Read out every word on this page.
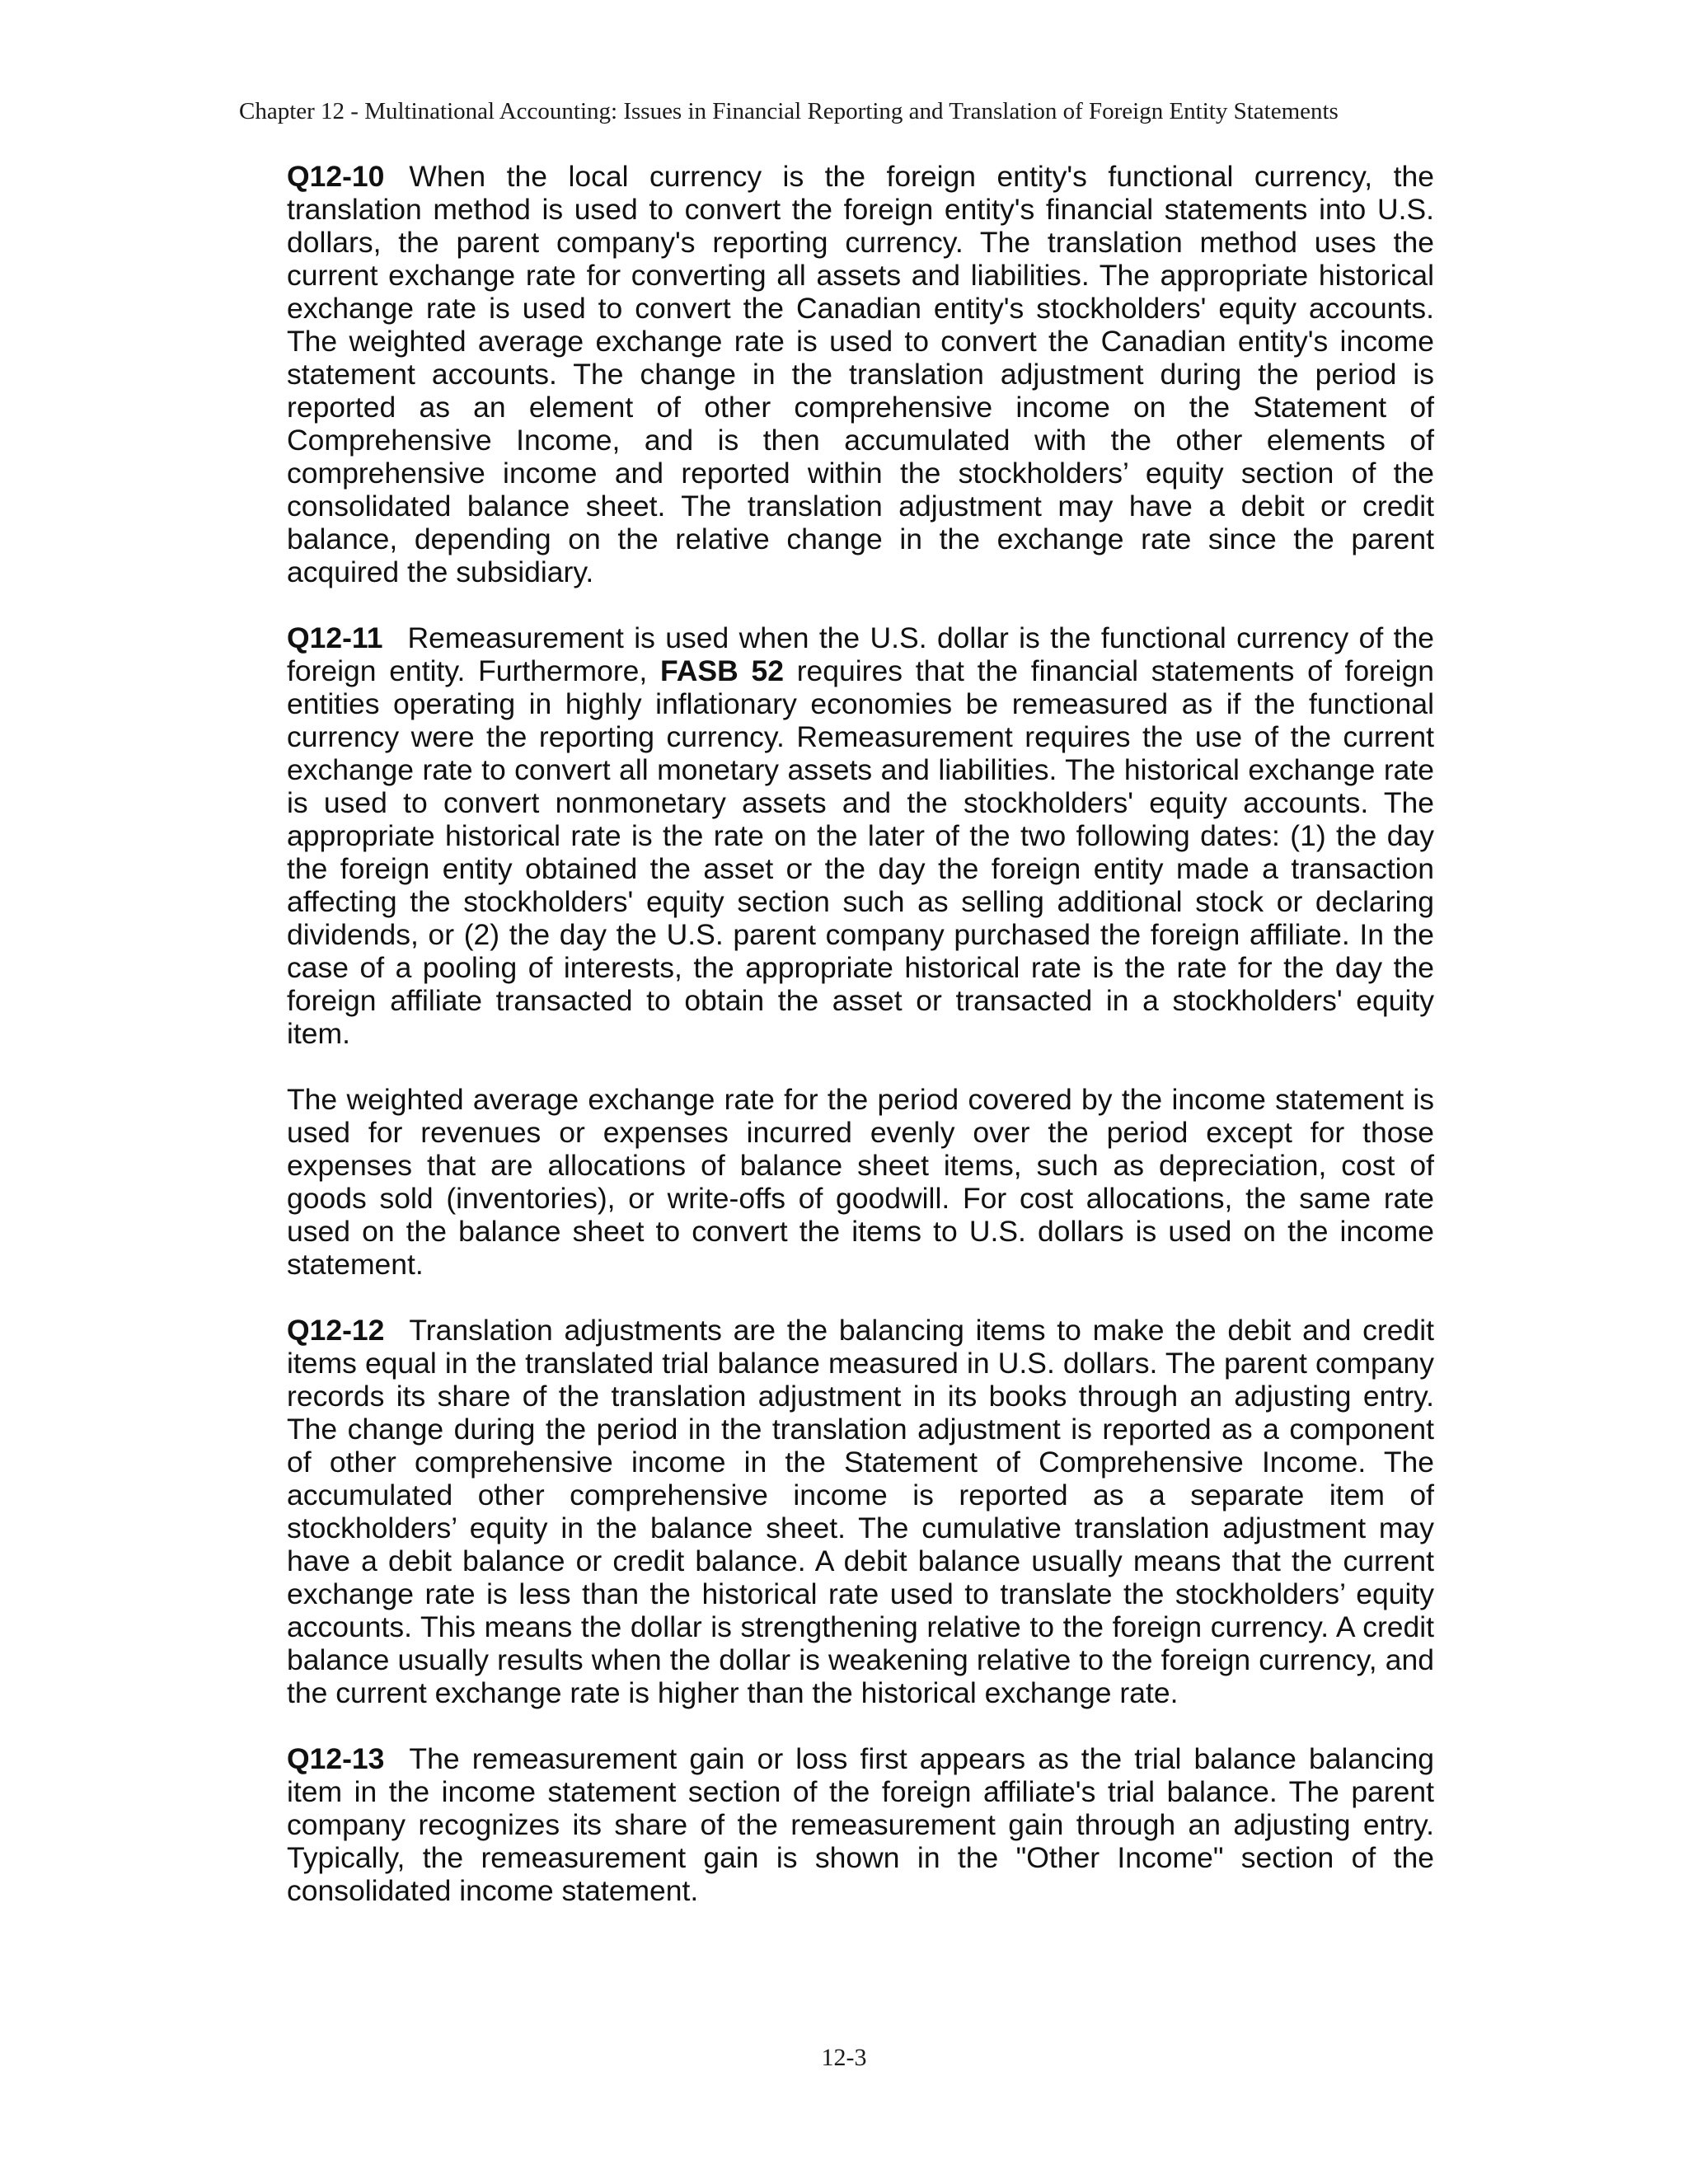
Chapter 12 - Multinational Accounting: Issues in Financial Reporting and Translation of Foreign Entity Statements

Q12-10 When the local currency is the foreign entity's functional currency, the translation method is used to convert the foreign entity's financial statements into U.S. dollars, the parent company's reporting currency. The translation method uses the current exchange rate for converting all assets and liabilities. The appropriate historical exchange rate is used to convert the Canadian entity's stockholders' equity accounts. The weighted average exchange rate is used to convert the Canadian entity's income statement accounts. The change in the translation adjustment during the period is reported as an element of other comprehensive income on the Statement of Comprehensive Income, and is then accumulated with the other elements of comprehensive income and reported within the stockholders’ equity section of the consolidated balance sheet. The translation adjustment may have a debit or credit balance, depending on the relative change in the exchange rate since the parent acquired the subsidiary.

Q12-11 Remeasurement is used when the U.S. dollar is the functional currency of the foreign entity. Furthermore, FASB 52 requires that the financial statements of foreign entities operating in highly inflationary economies be remeasured as if the functional currency were the reporting currency. Remeasurement requires the use of the current exchange rate to convert all monetary assets and liabilities. The historical exchange rate is used to convert nonmonetary assets and the stockholders' equity accounts. The appropriate historical rate is the rate on the later of the two following dates: (1) the day the foreign entity obtained the asset or the day the foreign entity made a transaction affecting the stockholders' equity section such as selling additional stock or declaring dividends, or (2) the day the U.S. parent company purchased the foreign affiliate. In the case of a pooling of interests, the appropriate historical rate is the rate for the day the foreign affiliate transacted to obtain the asset or transacted in a stockholders' equity item.

The weighted average exchange rate for the period covered by the income statement is used for revenues or expenses incurred evenly over the period except for those expenses that are allocations of balance sheet items, such as depreciation, cost of goods sold (inventories), or write-offs of goodwill. For cost allocations, the same rate used on the balance sheet to convert the items to U.S. dollars is used on the income statement.

Q12-12 Translation adjustments are the balancing items to make the debit and credit items equal in the translated trial balance measured in U.S. dollars. The parent company records its share of the translation adjustment in its books through an adjusting entry. The change during the period in the translation adjustment is reported as a component of other comprehensive income in the Statement of Comprehensive Income. The accumulated other comprehensive income is reported as a separate item of stockholders’ equity in the balance sheet. The cumulative translation adjustment may have a debit balance or credit balance. A debit balance usually means that the current exchange rate is less than the historical rate used to translate the stockholders’ equity accounts. This means the dollar is strengthening relative to the foreign currency. A credit balance usually results when the dollar is weakening relative to the foreign currency, and the current exchange rate is higher than the historical exchange rate.

Q12-13 The remeasurement gain or loss first appears as the trial balance balancing item in the income statement section of the foreign affiliate's trial balance. The parent company recognizes its share of the remeasurement gain through an adjusting entry. Typically, the remeasurement gain is shown in the "Other Income" section of the consolidated income statement.

12-3
